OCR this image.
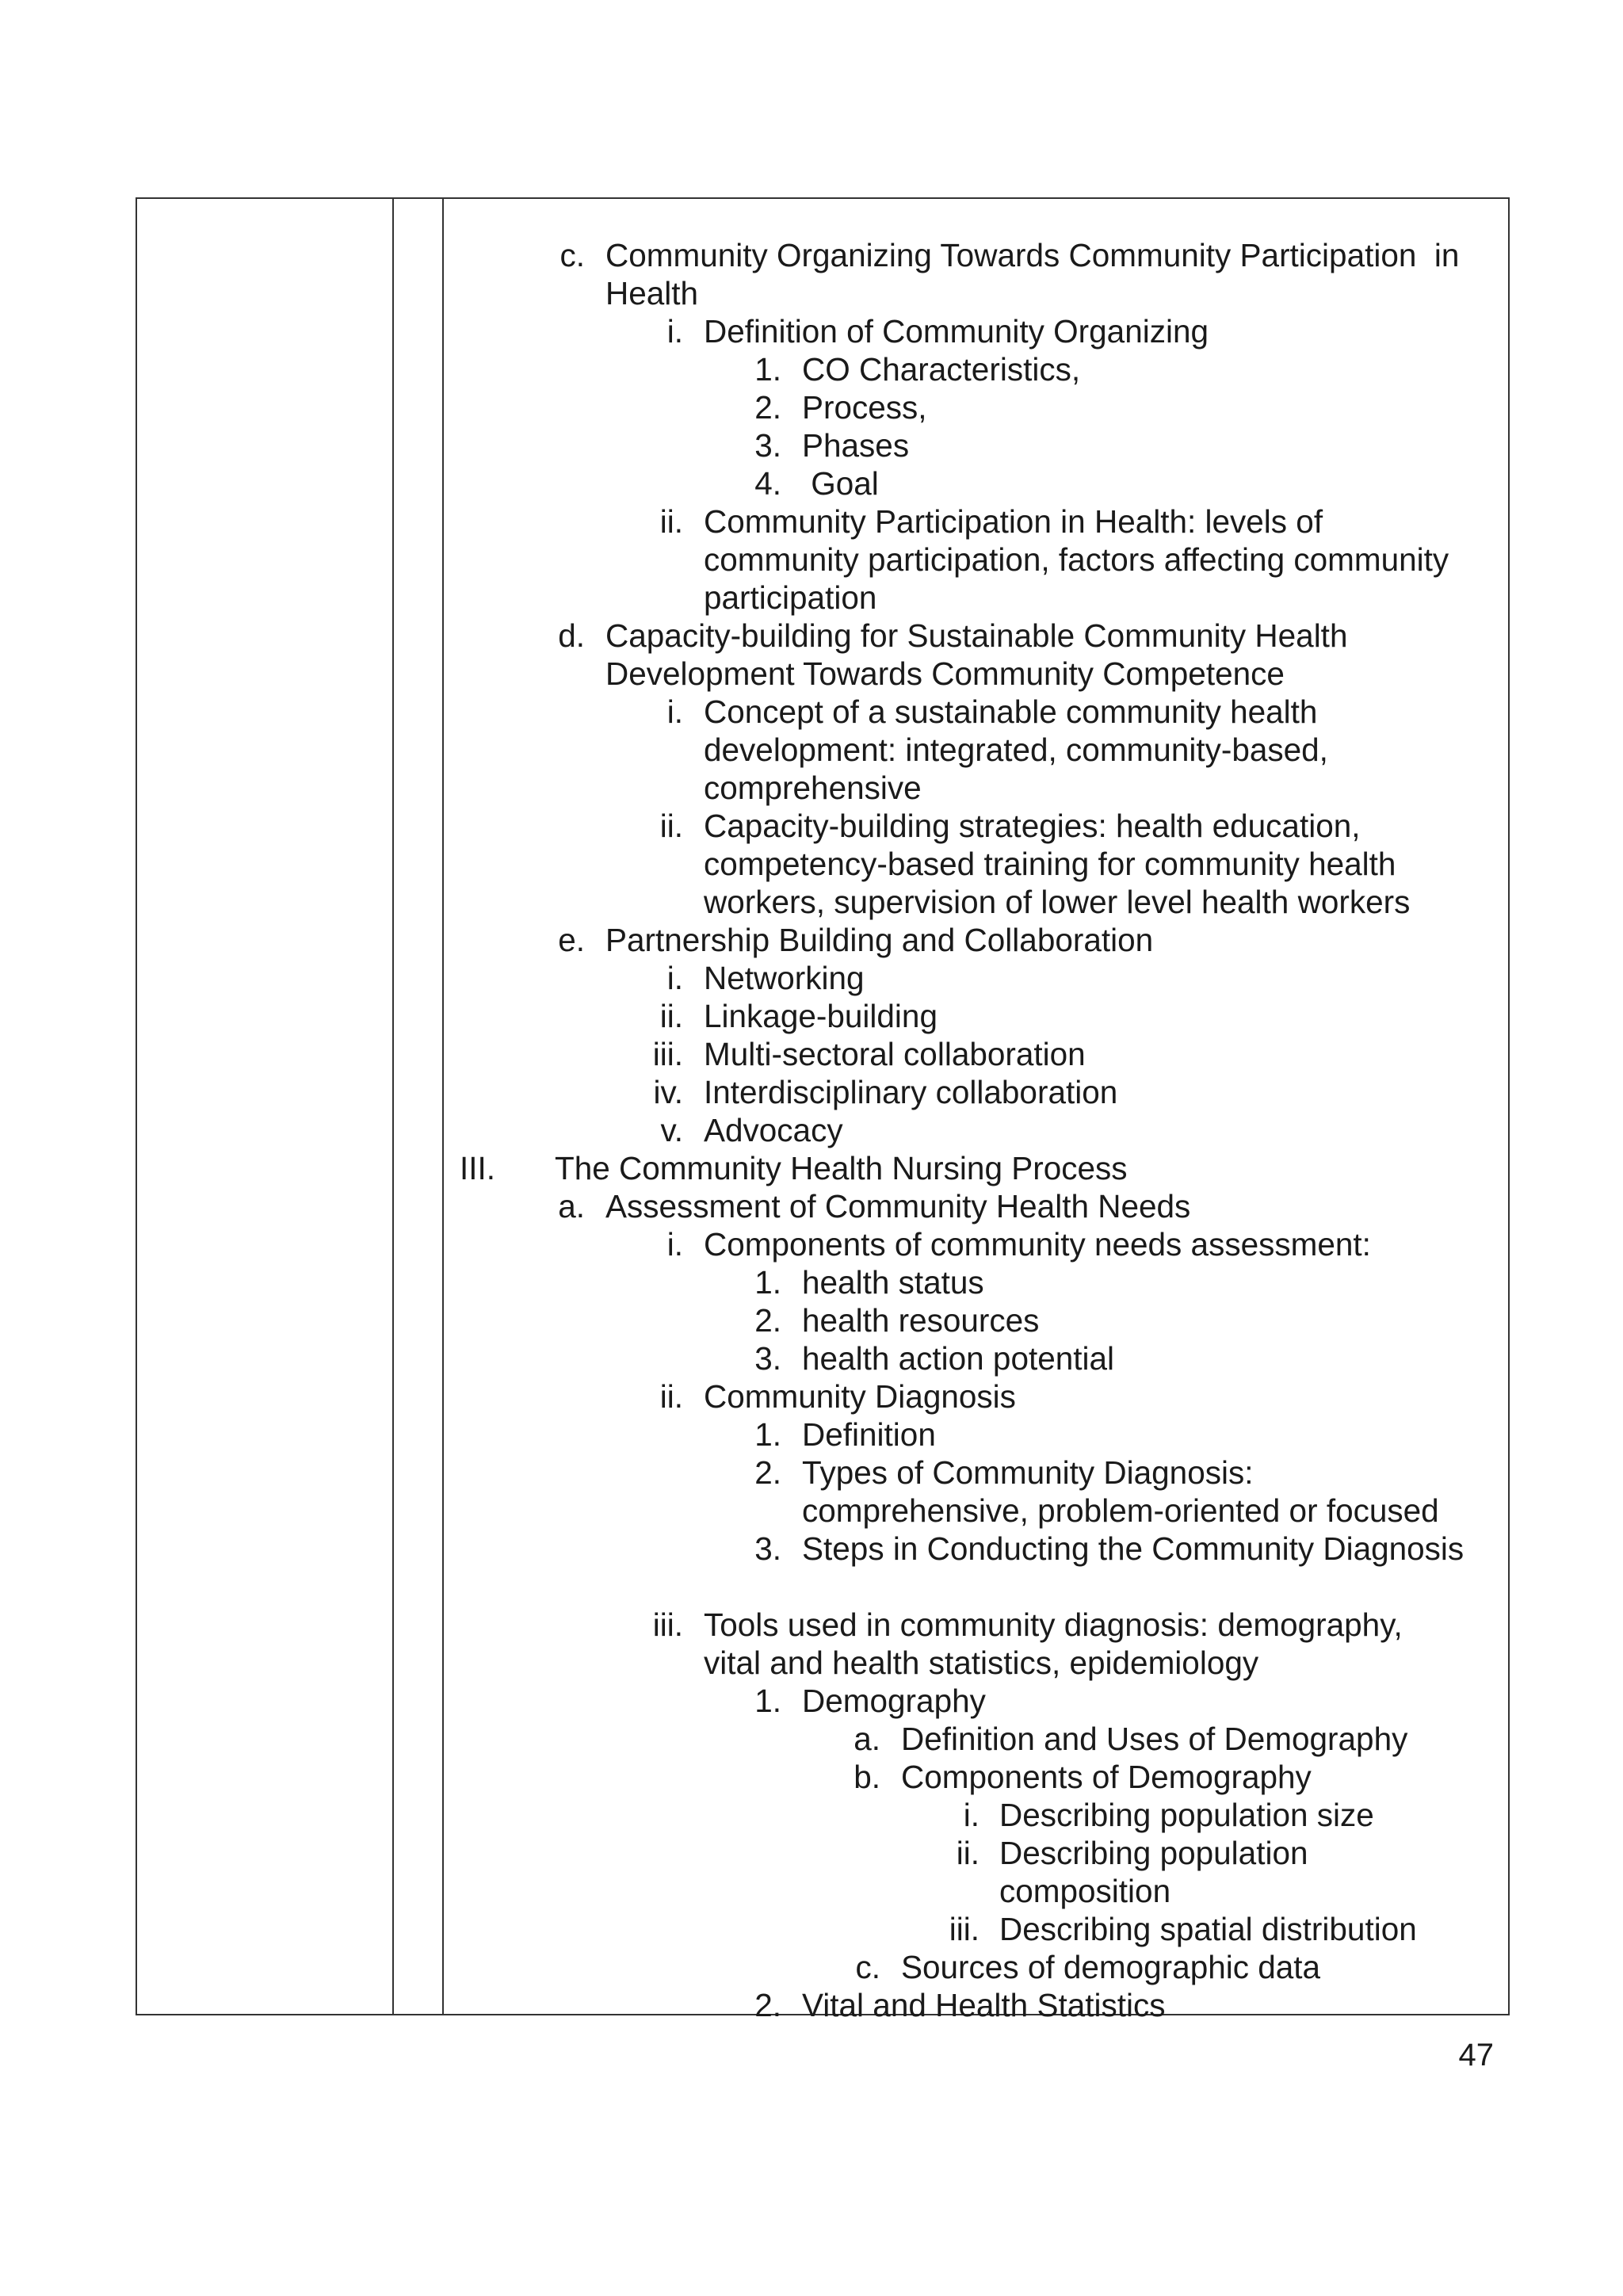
c. Community Organizing Towards Community Participation  in
Health
i. Definition of Community Organizing
1. CO Characteristics,
2. Process,
3. Phases
4. Goal
ii. Community Participation in Health: levels of
community participation, factors affecting community
participation
d. Capacity-building for Sustainable Community Health
Development Towards Community Competence
i. Concept of a sustainable community health
development: integrated, community-based,
comprehensive
ii. Capacity-building strategies: health education,
competency-based training for community health
workers, supervision of lower level health workers
e. Partnership Building and Collaboration
i. Networking
ii. Linkage-building
iii. Multi-sectoral collaboration
iv. Interdisciplinary collaboration
v. Advocacy
III. The Community Health Nursing Process
a. Assessment of Community Health Needs
i. Components of community needs assessment:
1. health status
2. health resources
3. health action potential
ii. Community Diagnosis
1. Definition
2. Types of Community Diagnosis:
comprehensive, problem-oriented or focused
3. Steps in Conducting the Community Diagnosis
iii. Tools used in community diagnosis: demography,
vital and health statistics, epidemiology
1. Demography
a. Definition and Uses of Demography
b. Components of Demography
i. Describing population size
ii. Describing population
composition
iii. Describing spatial distribution
c. Sources of demographic data
2. Vital and Health Statistics
47
